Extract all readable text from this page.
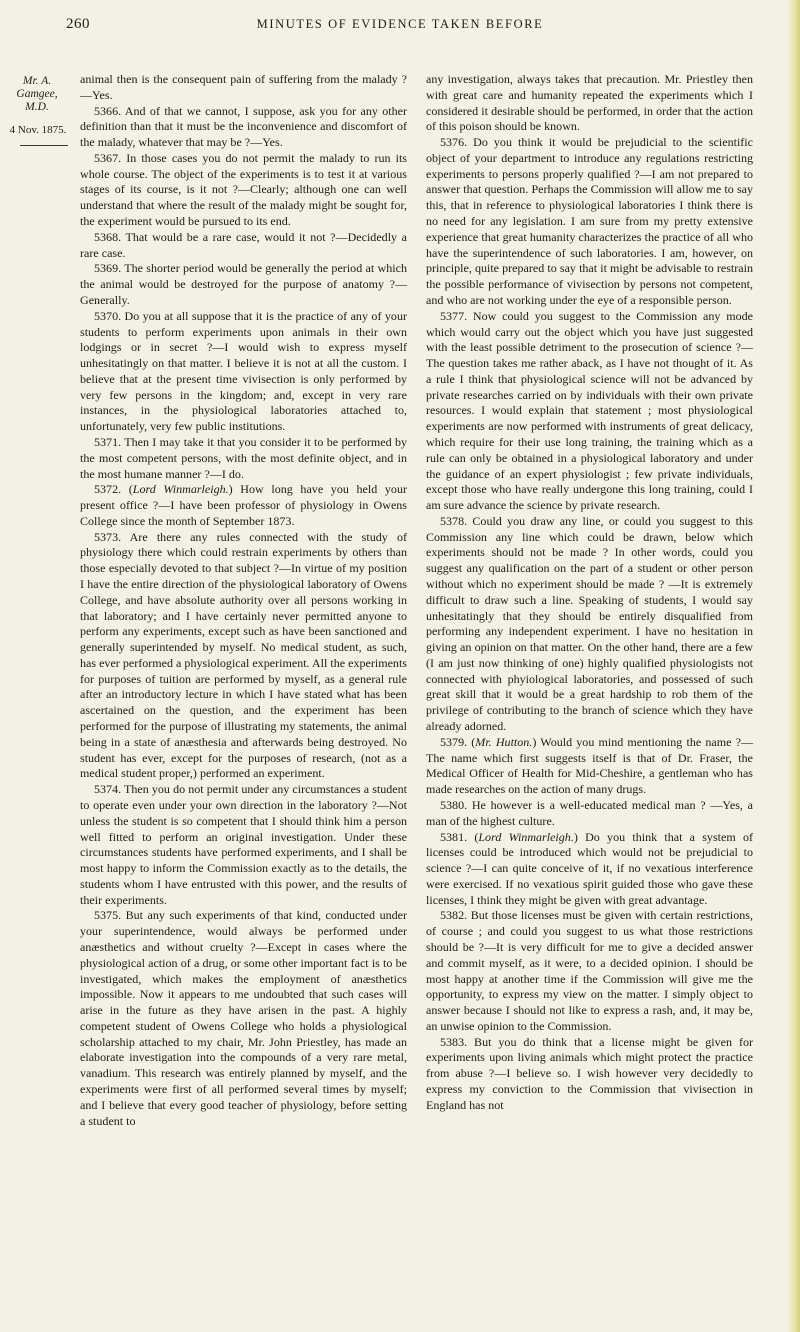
260	MINUTES OF EVIDENCE TAKEN BEFORE
Mr. A. Gamgee, M.D.
4 Nov. 1875.

animal then is the consequent pain of suffering from the malady ?—Yes.

5366. And of that we cannot, I suppose, ask you for any other definition than that it must be the inconvenience and discomfort of the malady, whatever that may be ?—Yes.

5367. In those cases you do not permit the malady to run its whole course. The object of the experiments is to test it at various stages of its course, is it not ?—Clearly; although one can well understand that where the result of the malady might be sought for, the experiment would be pursued to its end.

5368. That would be a rare case, would it not ?—Decidedly a rare case.

5369. The shorter period would be generally the period at which the animal would be destroyed for the purpose of anatomy ?—Generally.

5370. Do you at all suppose that it is the practice of any of your students to perform experiments upon animals in their own lodgings or in secret ?—I would wish to express myself unhesitatingly on that matter. I believe it is not at all the custom. I believe that at the present time vivisection is only performed by very few persons in the kingdom; and, except in very rare instances, in the physiological laboratories attached to, unfortunately, very few public institutions.

5371. Then I may take it that you consider it to be performed by the most competent persons, with the most definite object, and in the most humane manner ?—I do.

5372. (Lord Winmarleigh.) How long have you held your present office ?—I have been professor of physiology in Owens College since the month of September 1873.

5373. Are there any rules connected with the study of physiology there which could restrain experiments by others than those especially devoted to that subject ?—In virtue of my position I have the entire direction of the physiological laboratory of Owens College, and have absolute authority over all persons working in that laboratory; and I have certainly never permitted anyone to perform any experiments, except such as have been sanctioned and generally superintended by myself. No medical student, as such, has ever performed a physiological experiment. All the experiments for purposes of tuition are performed by myself, as a general rule after an introductory lecture in which I have stated what has been ascertained on the question, and the experiment has been performed for the purpose of illustrating my statements, the animal being in a state of anæsthesia and afterwards being destroyed. No student has ever, except for the purposes of research, (not as a medical student proper,) performed an experiment.

5374. Then you do not permit under any circumstances a student to operate even under your own direction in the laboratory ?—Not unless the student is so competent that I should think him a person well fitted to perform an original investigation. Under these circumstances students have performed experiments, and I shall be most happy to inform the Commission exactly as to the details, the students whom I have entrusted with this power, and the results of their experiments.

5375. But any such experiments of that kind, conducted under your superintendence, would always be performed under anæsthetics and without cruelty ?—Except in cases where the physiological action of a drug, or some other important fact is to be investigated, which makes the employment of anæsthetics impossible. Now it appears to me undoubted that such cases will arise in the future as they have arisen in the past. A highly competent student of Owens College who holds a physiological scholarship attached to my chair, Mr. John Priestley, has made an elaborate investigation into the compounds of a very rare metal, vanadium. This research was entirely planned by myself, and the experiments were first of all performed several times by myself; and I believe that every good teacher of physiology, before setting a student to

any investigation, always takes that precaution. Mr. Priestley then with great care and humanity repeated the experiments which I considered it desirable should be performed, in order that the action of this poison should be known.

5376. Do you think it would be prejudicial to the scientific object of your department to introduce any regulations restricting experiments to persons properly qualified ?—I am not prepared to answer that question. Perhaps the Commission will allow me to say this, that in reference to physiological laboratories I think there is no need for any legislation. I am sure from my pretty extensive experience that great humanity characterizes the practice of all who have the superintendence of such laboratories. I am, however, on principle, quite prepared to say that it might be advisable to restrain the possible performance of vivisection by persons not competent, and who are not working under the eye of a responsible person.

5377. Now could you suggest to the Commission any mode which would carry out the object which you have just suggested with the least possible detriment to the prosecution of science ?—The question takes me rather aback, as I have not thought of it. As a rule I think that physiological science will not be advanced by private researches carried on by individuals with their own private resources. I would explain that statement ; most physiological experiments are now performed with instruments of great delicacy, which require for their use long training, the training which as a rule can only be obtained in a physiological laboratory and under the guidance of an expert physiologist ; few private individuals, except those who have really undergone this long training, could I am sure advance the science by private research.

5378. Could you draw any line, or could you suggest to this Commission any line which could be drawn, below which experiments should not be made ? In other words, could you suggest any qualification on the part of a student or other person without which no experiment should be made ? —It is extremely difficult to draw such a line. Speaking of students, I would say unhesitatingly that they should be entirely disqualified from performing any independent experiment. I have no hesitation in giving an opinion on that matter. On the other hand, there are a few (I am just now thinking of one) highly qualified physiologists not connected with phyiological laboratories, and possessed of such great skill that it would be a great hardship to rob them of the privilege of contributing to the branch of science which they have already adorned.

5379. (Mr. Hutton.) Would you mind mentioning the name ?—The name which first suggests itself is that of Dr. Fraser, the Medical Officer of Health for Mid-Cheshire, a gentleman who has made researches on the action of many drugs.

5380. He however is a well-educated medical man ? —Yes, a man of the highest culture.

5381. (Lord Winmarleigh.) Do you think that a system of licenses could be introduced which would not be prejudicial to science ?—I can quite conceive of it, if no vexatious interference were exercised. If no vexatious spirit guided those who gave these licenses, I think they might be given with great advantage.

5382. But those licenses must be given with certain restrictions, of course ; and could you suggest to us what those restrictions should be ?—It is very difficult for me to give a decided answer and commit myself, as it were, to a decided opinion. I should be most happy at another time if the Commission will give me the opportunity, to express my view on the matter. I simply object to answer because I should not like to express a rash, and, it may be, an unwise opinion to the Commission.

5383. But you do think that a license might be given for experiments upon living animals which might protect the practice from abuse ?—I believe so. I wish however very decidedly to express my conviction to the Commission that vivisection in England has not
